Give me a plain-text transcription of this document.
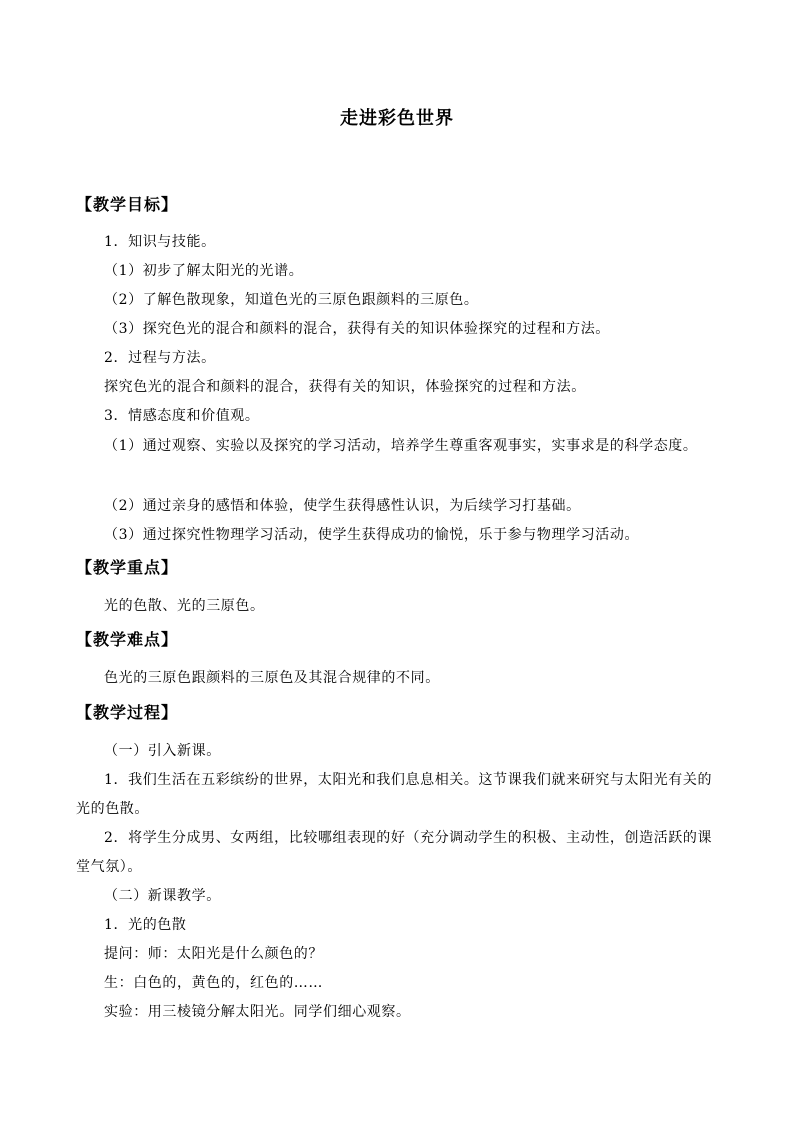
走进彩色世界
【教学目标】
1．知识与技能。
（1）初步了解太阳光的光谱。
（2）了解色散现象，知道色光的三原色跟颜料的三原色。
（3）探究色光的混合和颜料的混合，获得有关的知识体验探究的过程和方法。
2．过程与方法。
探究色光的混合和颜料的混合，获得有关的知识，体验探究的过程和方法。
3．情感态度和价值观。
（1）通过观察、实验以及探究的学习活动，培养学生尊重客观事实，实事求是的科学态度。
（2）通过亲身的感悟和体验，使学生获得感性认识，为后续学习打基础。
（3）通过探究性物理学习活动，使学生获得成功的愉悦，乐于参与物理学习活动。
【教学重点】
光的色散、光的三原色。
【教学难点】
色光的三原色跟颜料的三原色及其混合规律的不同。
【教学过程】
（一）引入新课。
1．我们生活在五彩缤纷的世界，太阳光和我们息息相关。这节课我们就来研究与太阳光有关的光的色散。
2．将学生分成男、女两组，比较哪组表现的好（充分调动学生的积极、主动性，创造活跃的课堂气氛）。
（二）新课教学。
1．光的色散
提问：师：太阳光是什么颜色的？
生：白色的，黄色的，红色的……
实验：用三棱镜分解太阳光。同学们细心观察。
